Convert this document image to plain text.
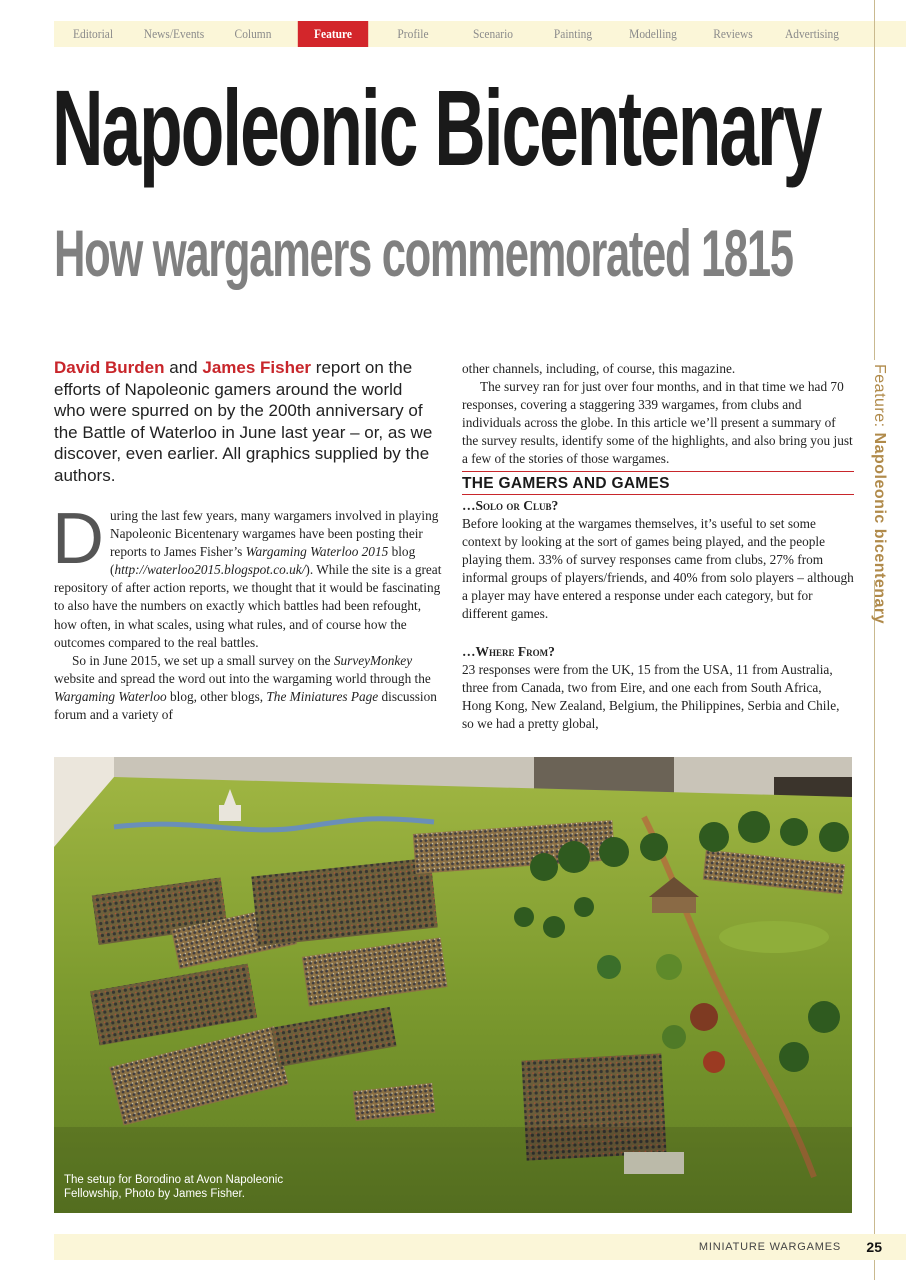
Editorial	News/Events	Column	Feature	Profile	Scenario	Painting	Modelling	Reviews	Advertising
Feature: Napoleonic bicentenary
Napoleonic Bicentenary
How wargamers commemorated 1815
David Burden and James Fisher report on the efforts of Napoleonic gamers around the world who were spurred on by the 200th anniversary of the Battle of Waterloo in June last year – or, as we discover, even earlier. All graphics supplied by the authors.

During the last few years, many wargamers involved in playing Napoleonic Bicentenary wargames have been posting their reports to James Fisher’s Wargaming Waterloo 2015 blog (http://waterloo2015.blogspot.co.uk/). While the site is a great repository of after action reports, we thought that it would be fascinating to also have the numbers on exactly which battles had been refought, how often, in what scales, using what rules, and of course how the outcomes compared to the real battles.

So in June 2015, we set up a small survey on the SurveyMonkey website and spread the word out into the wargaming world through the Wargaming Waterloo blog, other blogs, The Miniatures Page discussion forum and a variety of

other channels, including, of course, this magazine.

The survey ran for just over four months, and in that time we had 70 responses, covering a staggering 339 wargames, from clubs and individuals across the globe. In this article we’ll present a summary of the survey results, identify some of the highlights, and also bring you just a few of the stories of those wargames.

THE GAMERS AND GAMES
…Solo or Club?

Before looking at the wargames themselves, it’s useful to set some context by looking at the sort of games being played, and the people playing them. 33% of survey responses came from clubs, 27% from informal groups of players/friends, and 40% from solo players – although a player may have entered a response under each category, but for different games.

…Where From?

23 responses were from the UK, 15 from the USA, 11 from Australia, three from Canada, two from Eire, and one each from South Africa, Hong Kong, New Zealand, Belgium, the Philippines, Serbia and Chile, so we had a pretty global,

The setup for Borodino at Avon Napoleonic Fellowship, Photo by James Fisher.
MINIATURE WARGAMES 25
